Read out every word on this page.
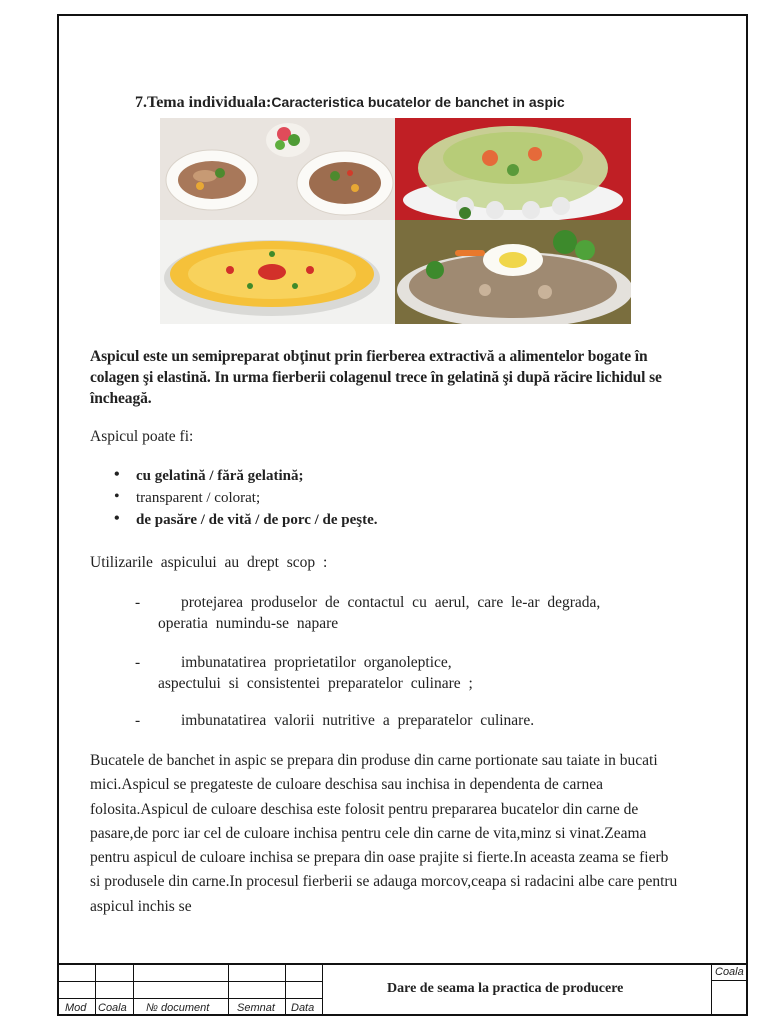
7.Tema individuala:Caracteristica bucatelor de banchet in aspic
Aspicul este un semipreparat obţinut prin fierberea extractivă a alimentelor bogate în colagen şi elastină. In urma fierberii colagenul trece în gelatină şi după răcire lichidul se încheagă.
Aspicul poate fi:
• cu gelatină / fără gelatină;
• transparent / colorat;
• de pasăre / de vită / de porc / de peşte.
Utilizarile aspicului au drept scop :
-	protejarea produselor de contactul cu aerul, care le-ar degrada,
operatia numindu-se napare
-	imbunatatirea proprietatilor organoleptice,
aspectului si consistentei preparatelor culinare ;
-	imbunatatirea valorii nutritive a preparatelor culinare.
Bucatele de banchet in aspic se prepara din produse din carne portionate sau taiate in bucati mici.Aspicul se pregateste de culoare deschisa sau inchisa in dependenta de carnea folosita.Aspicul de culoare deschisa este folosit pentru prepararea bucatelor din carne de pasare,de porc iar cel de culoare inchisa pentru cele din carne de vita,minz si vinat.Zeama pentru aspicul de culoare inchisa se prepara din oase prajite si fierte.In aceasta zeama se fierb si produsele din carne.In procesul fierberii se adauga morcov,ceapa si radacini albe care pentru aspicul inchis se
Mod Coala № document	Semnat Data
Dare de seama la practica de producere
Coala
